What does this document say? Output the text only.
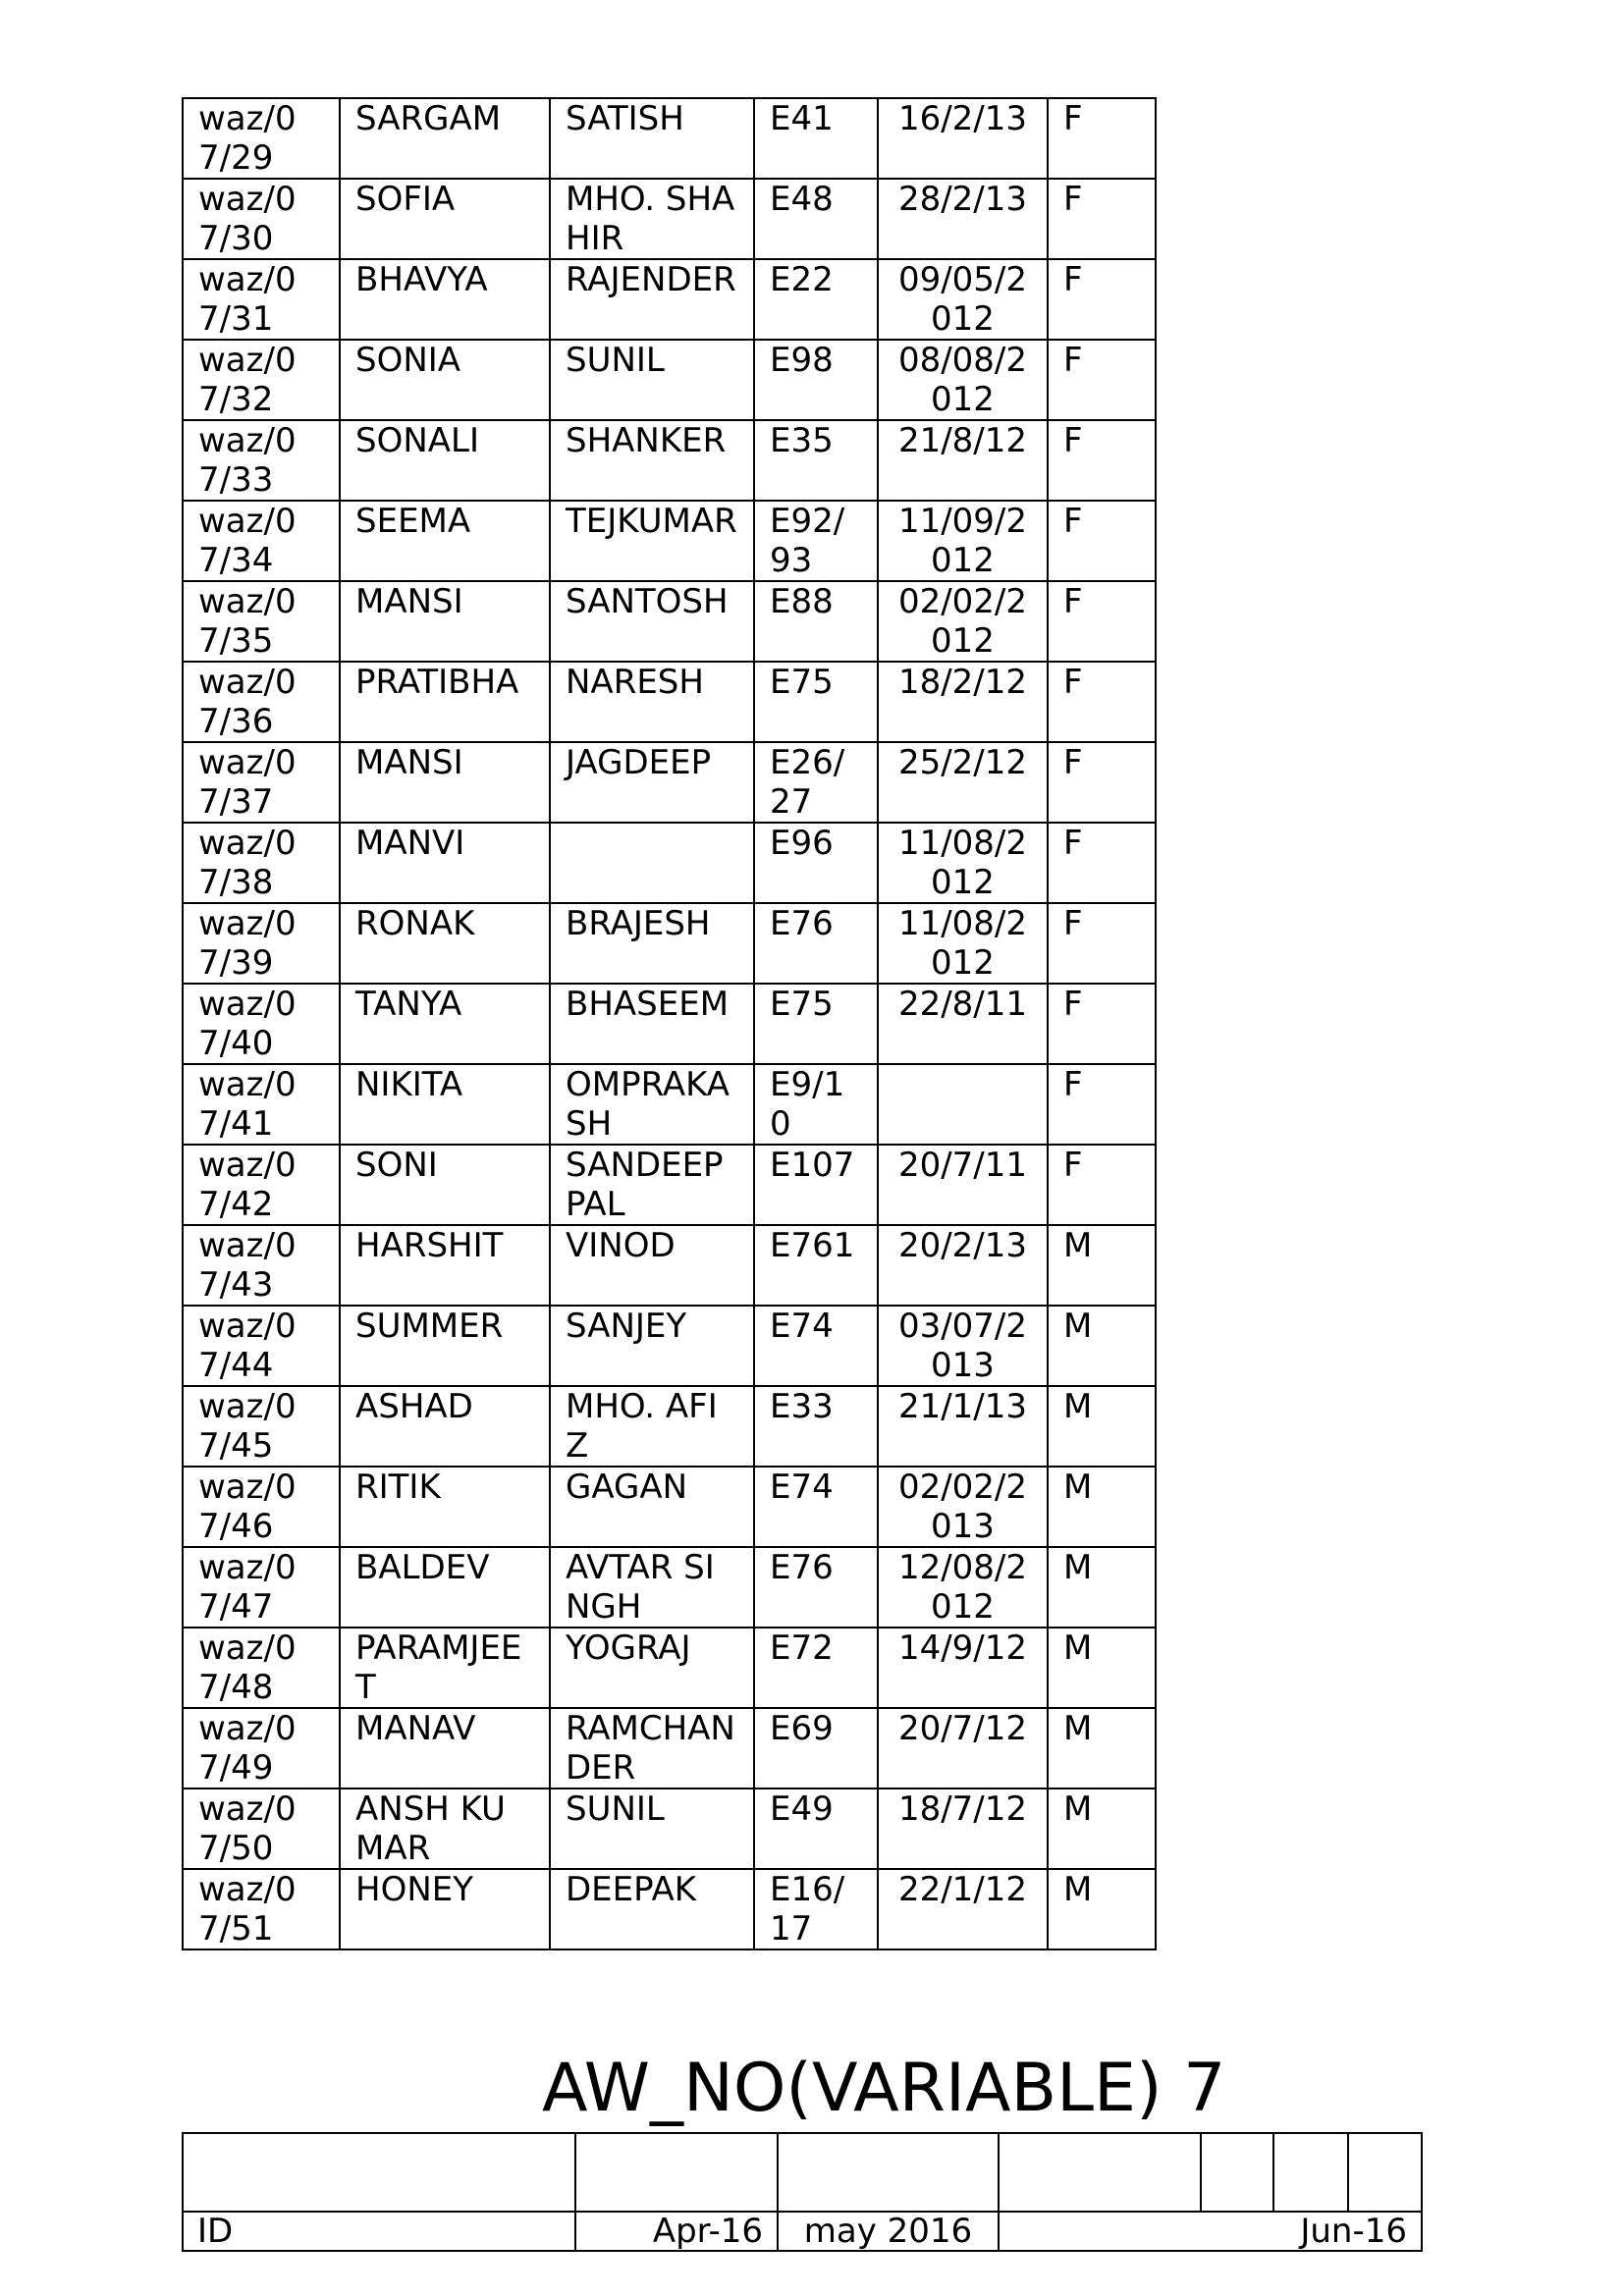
waz/07/29	SARGAM	SATISH	E41	16/2/13	F
waz/07/30	SOFIA	MHO. SHAHIR	E48	28/2/13	F
waz/07/31	BHAVYA	RAJENDER	E22	09/05/2012	F
waz/07/32	SONIA	SUNIL	E98	08/08/2012	F
waz/07/33	SONALI	SHANKER	E35	21/8/12	F
waz/07/34	SEEMA	TEJKUMAR	E92/93	11/09/2012	F
waz/07/35	MANSI	SANTOSH	E88	02/02/2012	F
waz/07/36	PRATIBHA	NARESH	E75	18/2/12	F
waz/07/37	MANSI	JAGDEEP	E26/27	25/2/12	F
waz/07/38	MANVI		E96	11/08/2012	F
waz/07/39	RONAK	BRAJESH	E76	11/08/2012	F
waz/07/40	TANYA	BHASEEM	E75	22/8/11	F
waz/07/41	NIKITA	OMPRAKASH	E9/10		F
waz/07/42	SONI	SANDEEPPAL	E107	20/7/11	F
waz/07/43	HARSHIT	VINOD	E761	20/2/13	M
waz/07/44	SUMMER	SANJEY	E74	03/07/2013	M
waz/07/45	ASHAD	MHO. AFIZ	E33	21/1/13	M
waz/07/46	RITIK	GAGAN	E74	02/02/2013	M
waz/07/47	BALDEV	AVTAR SINGH	E76	12/08/2012	M
waz/07/48	PARAMJEET	YOGRAJ	E72	14/9/12	M
waz/07/49	MANAV	RAMCHANDER	E69	20/7/12	M
waz/07/50	ANSH KUMAR	SUNIL	E49	18/7/12	M
waz/07/51	HONEY	DEEPAK	E16/17	22/1/12	M
AW_NO(VARIABLE) 7

ID	Apr-16	may 2016	Jun-16			
